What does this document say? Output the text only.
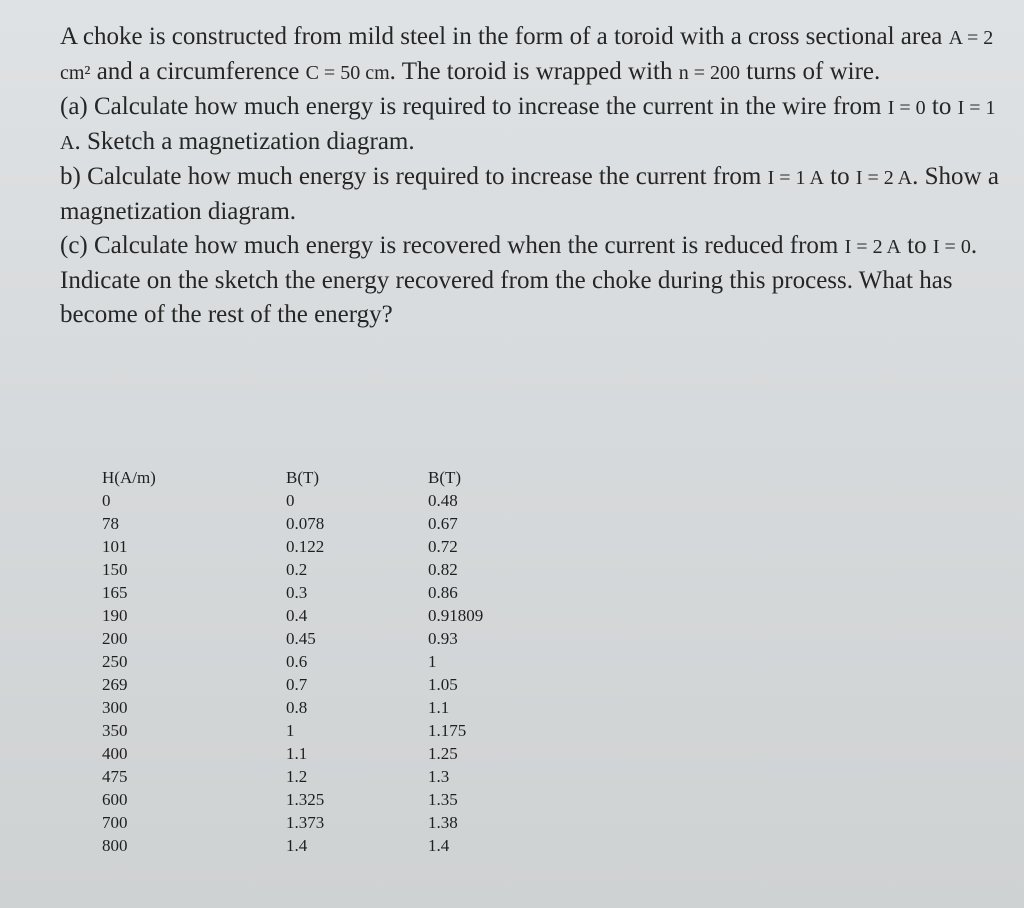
A choke is constructed from mild steel in the form of a toroid with a cross sectional area A = 2 cm² and a circumference C = 50 cm. The toroid is wrapped with n = 200 turns of wire.

(a) Calculate how much energy is required to increase the current in the wire from I = 0 to I = 1 A. Sketch a magnetization diagram.

b) Calculate how much energy is required to increase the current from I = 1 A to I = 2 A. Show a magnetization diagram.

(c) Calculate how much energy is recovered when the current is reduced from I = 2 A to I = 0. Indicate on the sketch the energy recovered from the choke during this process. What has become of the rest of the energy?

H(A/m)
0
78
101
150
165
190
200
250
269
300
350
400
475
600
700
800
B(T)
0
0.078
0.122
0.2
0.3
0.4
0.45
0.6
0.7
0.8
1
1.1
1.2
1.325
1.373
1.4
B(T)
0.48
0.67
0.72
0.82
0.86
0.91809
0.93
1
1.05
1.1
1.175
1.25
1.3
1.35
1.38
1.4
